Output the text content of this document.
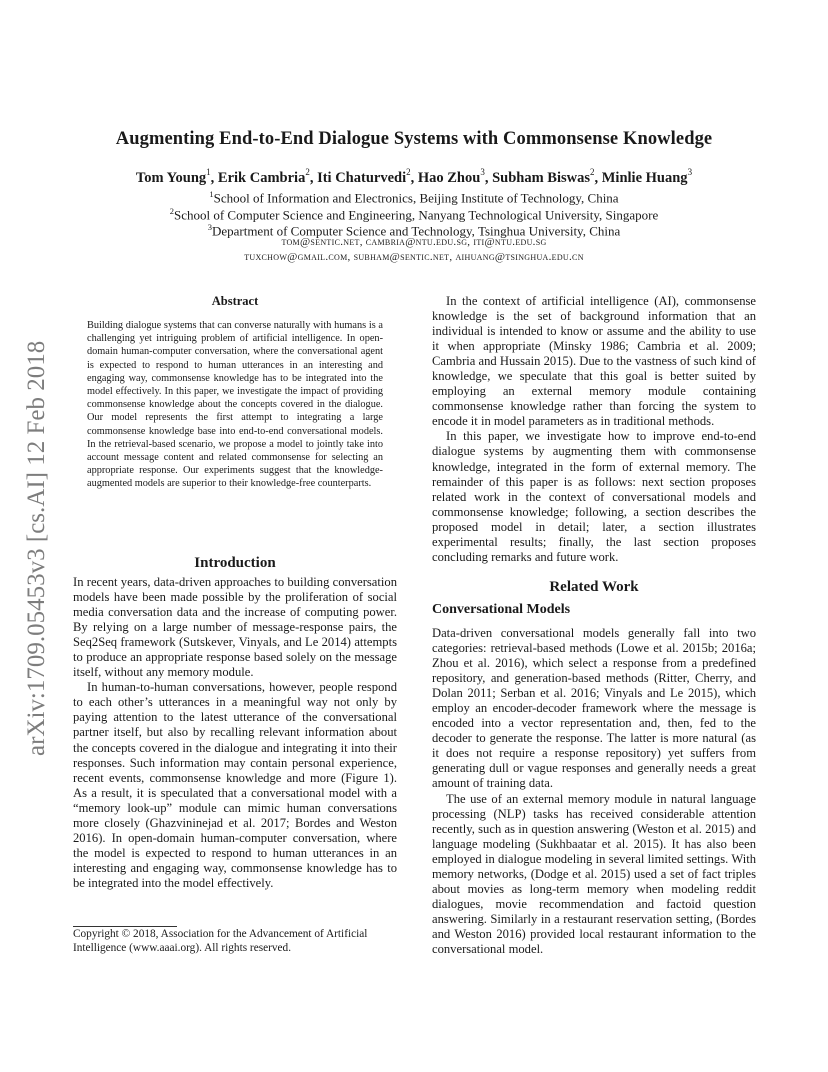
Augmenting End-to-End Dialogue Systems with Commonsense Knowledge
Tom Young$^1$, Erik Cambria$^2$, Iti Chaturvedi$^2$, Hao Zhou$^3$, Subham Biswas$^2$, Minlie Huang$^3$
$^1$School of Information and Electronics, Beijing Institute of Technology, China
$^2$School of Computer Science and Engineering, Nanyang Technological University, Singapore
$^3$Department of Computer Science and Technology, Tsinghua University, China
tom@sentic.net, cambria@ntu.edu.sg, iti@ntu.edu.sg
tuxchow@gmail.com, subham@sentic.net, aihuang@tsinghua.edu.cn
arXiv:1709.05453v3 [cs.AI] 12 Feb 2018
Abstract
Building dialogue systems that can converse naturally with humans is a challenging yet intriguing problem of artificial intelligence. In open-domain human-computer conversation, where the conversational agent is expected to respond to human utterances in an interesting and engaging way, commonsense knowledge has to be integrated into the model effectively. In this paper, we investigate the impact of providing commonsense knowledge about the concepts covered in the dialogue. Our model represents the first attempt to integrating a large commonsense knowledge base into end-to-end conversational models. In the retrieval-based scenario, we propose a model to jointly take into account message content and related commonsense for selecting an appropriate response. Our experiments suggest that the knowledge-augmented models are superior to their knowledge-free counterparts.
Introduction

In recent years, data-driven approaches to building conversation models have been made possible by the proliferation of social media conversation data and the increase of computing power. By relying on a large number of message-response pairs, the Seq2Seq framework (Sutskever, Vinyals, and Le 2014) attempts to produce an appropriate response based solely on the message itself, without any memory module.

In human-to-human conversations, however, people respond to each other’s utterances in a meaningful way not only by paying attention to the latest utterance of the conversational partner itself, but also by recalling relevant information about the concepts covered in the dialogue and integrating it into their responses. Such information may contain personal experience, recent events, commonsense knowledge and more (Figure 1). As a result, it is speculated that a conversational model with a “memory look-up” module can mimic human conversations more closely (Ghazvininejad et al. 2017; Bordes and Weston 2016). In open-domain human-computer conversation, where the model is expected to respond to human utterances in an interesting and engaging way, commonsense knowledge has to be integrated into the model effectively.

Copyright © 2018, Association for the Advancement of Artificial Intelligence (www.aaai.org). All rights reserved.

In the context of artificial intelligence (AI), commonsense knowledge is the set of background information that an individual is intended to know or assume and the ability to use it when appropriate (Minsky 1986; Cambria et al. 2009; Cambria and Hussain 2015). Due to the vastness of such kind of knowledge, we speculate that this goal is better suited by employing an external memory module containing commonsense knowledge rather than forcing the system to encode it in model parameters as in traditional methods.

In this paper, we investigate how to improve end-to-end dialogue systems by augmenting them with commonsense knowledge, integrated in the form of external memory. The remainder of this paper is as follows: next section proposes related work in the context of conversational models and commonsense knowledge; following, a section describes the proposed model in detail; later, a section illustrates experimental results; finally, the last section proposes concluding remarks and future work.

Related Work
Conversational Models

Data-driven conversational models generally fall into two categories: retrieval-based methods (Lowe et al. 2015b; 2016a; Zhou et al. 2016), which select a response from a predefined repository, and generation-based methods (Ritter, Cherry, and Dolan 2011; Serban et al. 2016; Vinyals and Le 2015), which employ an encoder-decoder framework where the message is encoded into a vector representation and, then, fed to the decoder to generate the response. The latter is more natural (as it does not require a response repository) yet suffers from generating dull or vague responses and generally needs a great amount of training data.

The use of an external memory module in natural language processing (NLP) tasks has received considerable attention recently, such as in question answering (Weston et al. 2015) and language modeling (Sukhbaatar et al. 2015). It has also been employed in dialogue modeling in several limited settings. With memory networks, (Dodge et al. 2015) used a set of fact triples about movies as long-term memory when modeling reddit dialogues, movie recommendation and factoid question answering. Similarly in a restaurant reservation setting, (Bordes and Weston 2016) provided local restaurant information to the conversational model.
